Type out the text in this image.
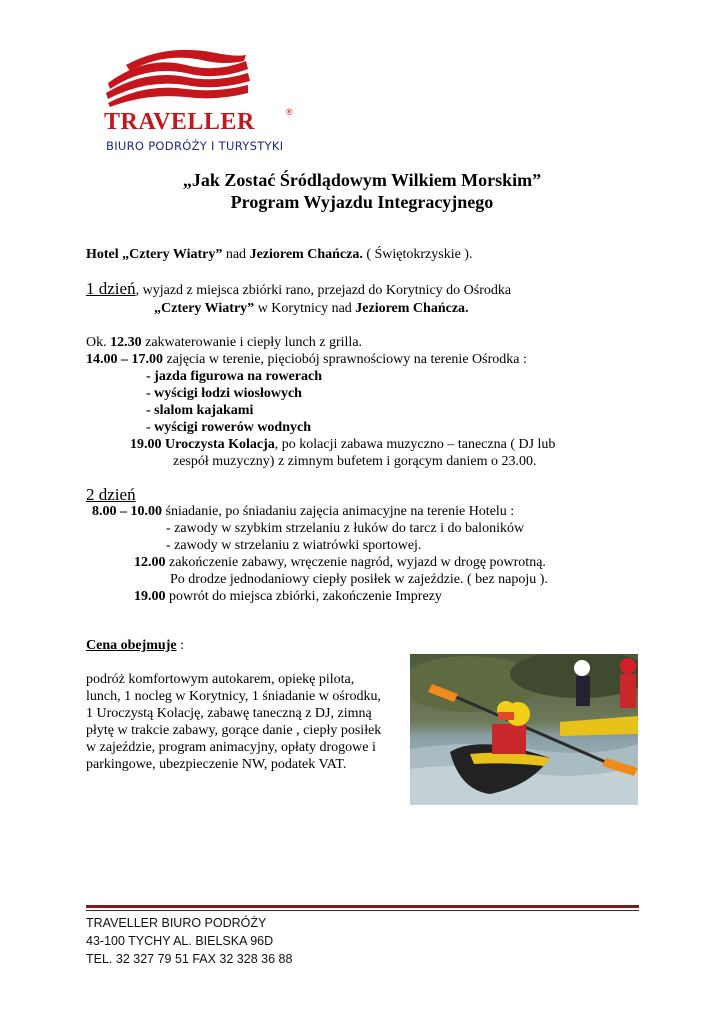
TRAVELLER	®
BIURO PODRÓŻY I TURYSTYKI
„Jak Zostać Śródlądowym Wilkiem Morskim”
Program Wyjazdu Integracyjnego
Hotel „Cztery Wiatry” nad Jeziorem Chańcza. ( Świętokrzyskie ).
1 dzień, wyjazd z miejsca zbiórki rano, przejazd do Korytnicy do Ośrodka
„Cztery Wiatry” w Korytnicy nad Jeziorem Chańcza.
Ok. 12.30 zakwaterowanie i ciepły lunch z grilla.
14.00 – 17.00 zajęcia w terenie, pięciobój sprawnościowy na terenie Ośrodka :
- jazda figurowa na rowerach
- wyścigi łodzi wiosłowych
- slalom kajakami
- wyścigi rowerów wodnych
19.00 Uroczysta Kolacja, po kolacji zabawa muzyczno – taneczna ( DJ lub
zespół muzyczny) z zimnym bufetem i gorącym daniem o 23.00.
2 dzień
8.00 – 10.00 śniadanie, po śniadaniu zajęcia animacyjne na terenie Hotelu :
- zawody w szybkim strzelaniu z łuków do tarcz i do baloników
- zawody w strzelaniu z wiatrówki sportowej.
12.00 zakończenie zabawy, wręczenie nagród, wyjazd w drogę powrotną.
Po drodze jednodaniowy ciepły posiłek w zajeździe. ( bez napoju ).
19.00 powrót do miejsca zbiórki, zakończenie Imprezy
Cena obejmuje :
podróż komfortowym autokarem, opiekę pilota,
lunch, 1 nocleg w Korytnicy, 1 śniadanie w ośrodku,
1 Uroczystą Kolację, zabawę taneczną z DJ, zimną
płytę w trakcie zabawy, gorące danie , ciepły posiłek
w zajeździe, program animacyjny, opłaty drogowe i
parkingowe, ubezpieczenie NW, podatek VAT.
TRAVELLER BIURO PODRÓŻY
43-100 TYCHY AL. BIELSKA 96D
TEL. 32 327 79 51 FAX 32 328 36 88
